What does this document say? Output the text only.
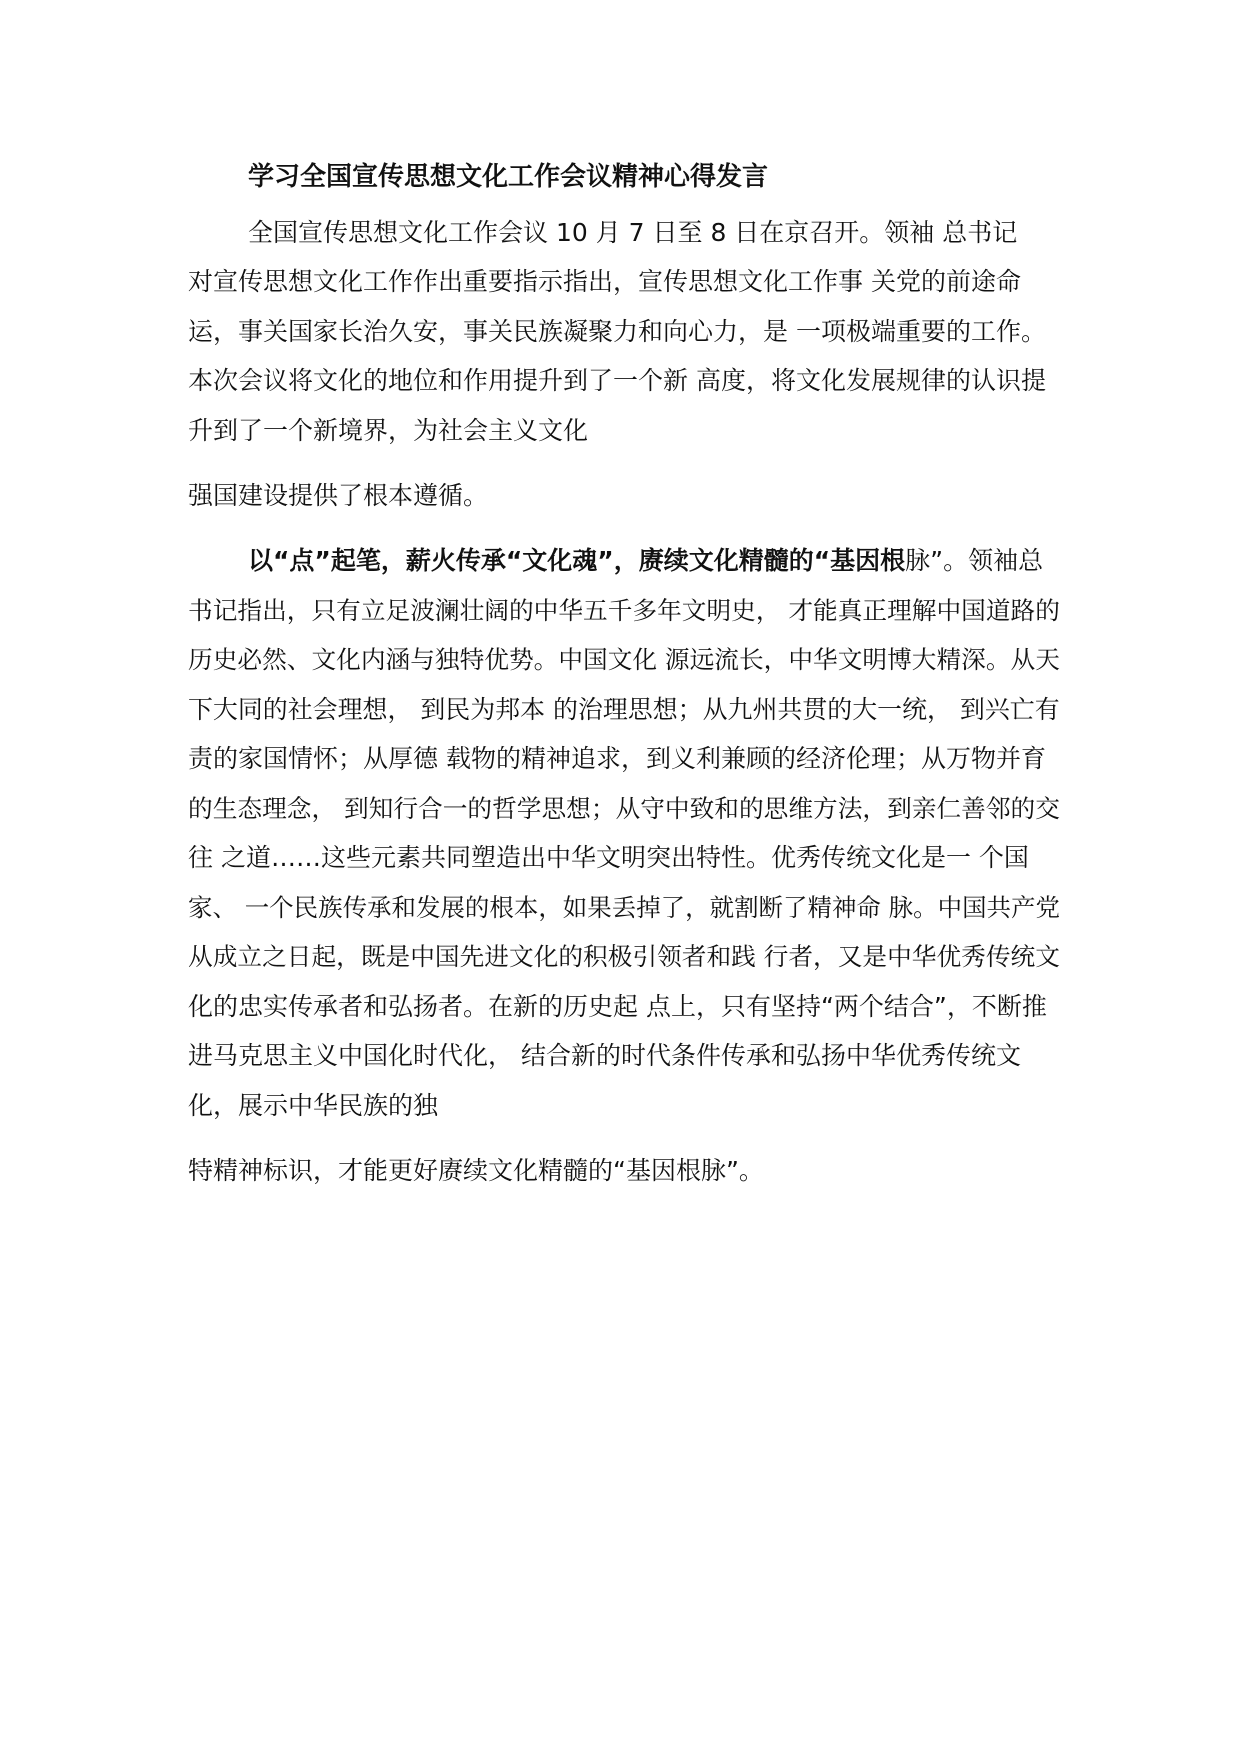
学习全国宣传思想文化工作会议精神心得发言
全国宣传思想文化工作会议 10 月 7 日至 8 日在京召开。领袖 总书记
对宣传思想文化工作作出重要指示指出，宣传思想文化工作事 关党的前途命
运，事关国家长治久安，事关民族凝聚力和向心力，是 一项极端重要的工作。
本次会议将文化的地位和作用提升到了一个新 高度，将文化发展规律的认识提
升到了一个新境界，为社会主义文化
强国建设提供了根本遵循。
以“点”起笔，薪火传承“文化魂”，赓续文化精髓的“基因根脉”。领袖总
书记指出，只有立足波澜壮阔的中华五千多年文明史， 才能真正理解中国道路的
历史必然、文化内涵与独特优势。中国文化 源远流长，中华文明博大精深。从天
下大同的社会理想， 到民为邦本 的治理思想；从九州共贯的大一统， 到兴亡有
责的家国情怀；从厚德 载物的精神追求，到义利兼顾的经济伦理；从万物并育
的生态理念， 到知行合一的哲学思想；从守中致和的思维方法，到亲仁善邻的交
往 之道……这些元素共同塑造出中华文明突出特性。优秀传统文化是一 个国
家、 一个民族传承和发展的根本，如果丢掉了，就割断了精神命 脉。中国共产党
从成立之日起，既是中国先进文化的积极引领者和践 行者，又是中华优秀传统文
化的忠实传承者和弘扬者。在新的历史起 点上，只有坚持“两个结合”，不断推
进马克思主义中国化时代化， 结合新的时代条件传承和弘扬中华优秀传统文
化，展示中华民族的独
特精神标识，才能更好赓续文化精髓的“基因根脉”。
